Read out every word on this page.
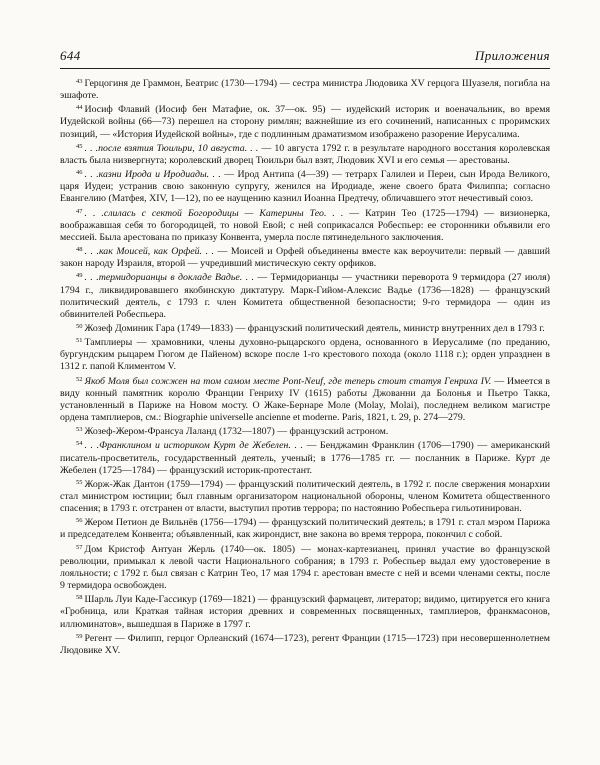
644	Приложения

$^{43}$ Герцогиня де Граммон, Беатрис (1730—1794) — сестра министра Людовика XV герцога Шуазеля, погибла на эшафоте.

$^{44}$ Иосиф Флавий (Иосиф бен Матафие, ок. 37—ок. 95) — иудейский историк и военачальник, во время Иудейской войны (66—73) перешел на сторону римлян; важнейшие из его сочинений, написанных с проримских позиций, — «История Иудейской войны», где с подлинным драматизмом изображено разорение Иерусалима.

$^{45}$ . . .после взятия Тюильри, 10 августа. . . — 10 августа 1792 г. в результате народного восстания королевская власть была низвергнута; королевский дворец Тюильри был взят, Людовик XVI и его семья — арестованы.

$^{46}$ . . .казни Ирода и Иродиады. . . — Ирод Антипа (4—39) — тетрарх Галилеи и Переи, сын Ирода Великого, царя Иудеи; устранив свою законную супругу, женился на Иродиаде, жене своего брата Филиппа; согласно Евангелию (Матфея, XIV, 1—12), по ее наущению казнил Иоанна Предтечу, обличавшего этот нечестивый союз.

$^{47}$ . . .слилась с сектой Богородицы — Катерины Тео. . . — Катрин Тео (1725—1794) — визионерка, воображавшая себя то богородицей, то новой Евой; с ней соприкасался Робеспьер: ее сторонники объявили его мессией. Была арестована по приказу Конвента, умерла после пятинедельного заключения.

$^{48}$ . . .как Моисей, как Орфей. . . — Моисей и Орфей объединены вместе как вероучители: первый — давший закон народу Израиля, второй — учредивший мистическую секту орфиков.

$^{49}$ . . .термидорианцы в докладе Вадье. . . — Термидорианцы — участники переворота 9 термидора (27 июля) 1794 г., ликвидировавшего якобинскую диктатуру. Марк-Гийом-Алексис Вадье (1736—1828) — французский политический деятель, с 1793 г. член Комитета общественной безопасности; 9-го термидора — один из обвинителей Робеспьера.

$^{50}$ Жозеф Доминик Гара (1749—1833) — французский политический деятель, министр внутренних дел в 1793 г.

$^{51}$ Тамплиеры — храмовники, члены духовно-рыцарского ордена, основанного в Иерусалиме (по преданию, бургундским рыцарем Гюгом де Пайеном) вскоре после 1-го крестового похода (около 1118 г.); орден упразднен в 1312 г. папой Климентом V.

$^{52}$ Якоб Моля был сожжен на том самом месте Pont-Neuf, где теперь стоит статуя Генриха IV. — Имеется в виду конный памятник королю Франции Генриху IV (1615) работы Джованни да Болонья и Пьетро Такка, установленный в Париже на Новом мосту. О Жаке-Бернаре Моле (Molay, Molai), последнем великом магистре ордена тамплиеров, см.: Biographie universelle ancienne et moderne. Paris, 1821, t. 29, p. 274—279.

$^{53}$ Жозеф-Жером-Франсуа Лаланд (1732—1807) — французский астроном.

$^{54}$ . . .Франклином и историком Курт де Жебелен. . . — Бенджамин Франклин (1706—1790) — американский писатель-просветитель, государственный деятель, ученый; в 1776—1785 гг. — посланник в Париже. Курт де Жебелен (1725—1784) — французский историк-протестант.

$^{55}$ Жорж-Жак Дантон (1759—1794) — французский политический деятель, в 1792 г. после свержения монархии стал министром юстиции; был главным организатором национальной обороны, членом Комитета общественного спасения; в 1793 г. отстранен от власти, выступил против террора; по настоянию Робеспьера гильотинирован.

$^{56}$ Жером Петион де Вильнёв (1756—1794) — французский политический деятель; в 1791 г. стал мэром Парижа и председателем Конвента; объявленный, как жирондист, вне закона во время террора, покончил с собой.

$^{57}$ Дом Кристоф Антуан Жерль (1740—ок. 1805) — монах-картезианец, принял участие во французской революции, примыкал к левой части Национального собрания; в 1793 г. Робеспьер выдал ему удостоверение в лояльности; с 1792 г. был связан с Катрин Тео, 17 мая 1794 г. арестован вместе с ней и всеми членами секты, после 9 термидора освобожден.

$^{58}$ Шарль Луи Каде-Гассикур (1769—1821) — французский фармацевт, литератор; видимо, цитируется его книга «Гробница, или Краткая тайная история древних и современных посвященных, тамплиеров, франкмасонов, иллюминатов», вышедшая в Париже в 1797 г.

$^{59}$ Регент — Филипп, герцог Орлеанский (1674—1723), регент Франции (1715—1723) при несовершеннолетнем Людовике XV.
